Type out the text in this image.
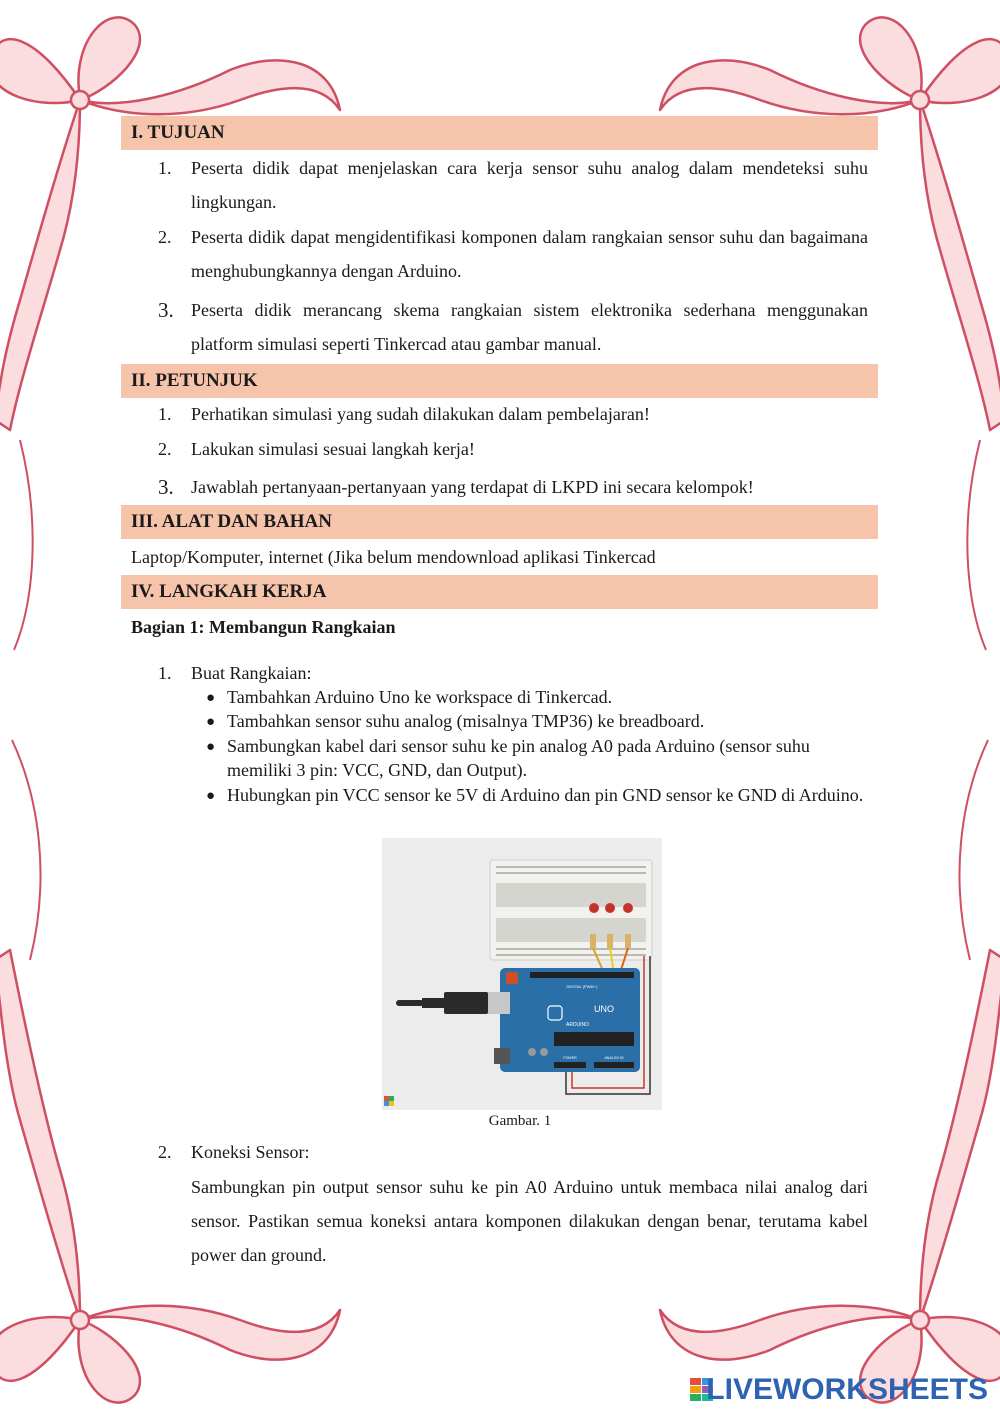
I. TUJUAN
1.	Peserta didik dapat menjelaskan cara kerja sensor suhu analog dalam mendeteksi suhu lingkungan.
2.	Peserta didik dapat mengidentifikasi komponen dalam rangkaian sensor suhu dan bagaimana menghubungkannya dengan Arduino.
3. Peserta didik merancang skema rangkaian sistem elektronika sederhana menggunakan platform simulasi seperti Tinkercad atau gambar manual.
II. PETUNJUK
1.	Perhatikan simulasi yang sudah dilakukan dalam pembelajaran!
2.	Lakukan simulasi sesuai langkah kerja!
3. Jawablah pertanyaan-pertanyaan yang terdapat di LKPD ini secara kelompok!
III. ALAT DAN BAHAN
Laptop/Komputer, internet (Jika belum mendownload aplikasi Tinkercad
IV. LANGKAH KERJA
Bagian 1: Membangun Rangkaian
1.	Buat Rangkaian:
● Tambahkan Arduino Uno ke workspace di Tinkercad.
● Tambahkan sensor suhu analog (misalnya TMP36) ke breadboard.
● Sambungkan kabel dari sensor suhu ke pin analog A0 pada Arduino (sensor suhu memiliki 3 pin: VCC, GND, dan Output).
● Hubungkan pin VCC sensor ke 5V di Arduino dan pin GND sensor ke GND di Arduino.
DIGITAL (PWM~)
UNO
ARDUINO
POWER	ANALOG IN
Gambar. 1
2.	Koneksi Sensor:
Sambungkan pin output sensor suhu ke pin A0 Arduino untuk membaca nilai analog dari sensor. Pastikan semua koneksi antara komponen dilakukan dengan benar, terutama kabel power dan ground.
LIVEWORKSHEETS
